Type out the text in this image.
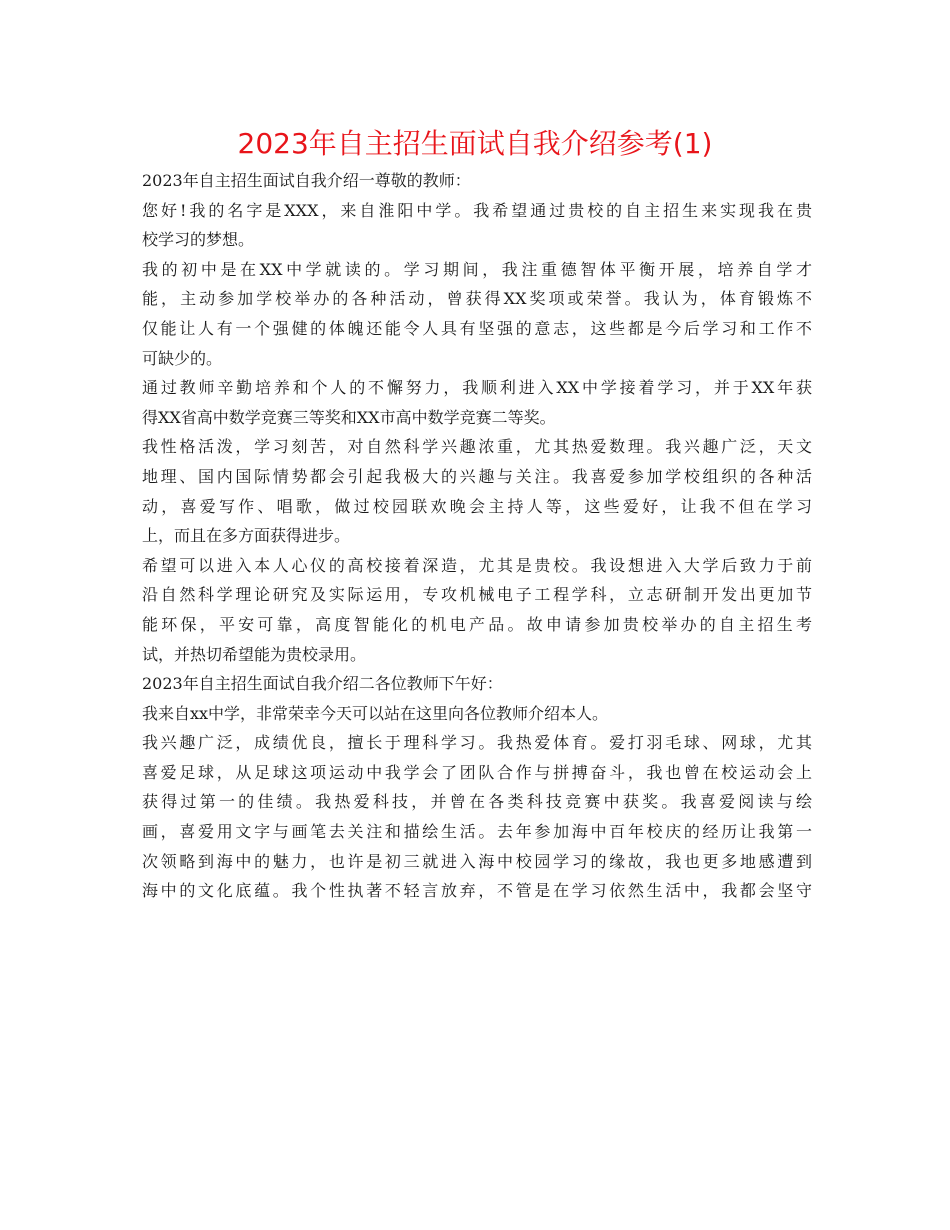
2023年自主招生面试自我介绍参考(1)
2023年自主招生面试自我介绍一尊敬的教师：
您好!我的名字是XXX，来自淮阳中学。我希望通过贵校的自主招生来实现我在贵
校学习的梦想。
我的初中是在XX中学就读的。学习期间，我注重德智体平衡开展，培养自学才
能，主动参加学校举办的各种活动，曾获得XX奖项或荣誉。我认为，体育锻炼不
仅能让人有一个强健的体魄还能令人具有坚强的意志，这些都是今后学习和工作不
可缺少的。
通过教师辛勤培养和个人的不懈努力，我顺利进入XX中学接着学习，并于XX年获
得XX省高中数学竞赛三等奖和XX市高中数学竞赛二等奖。
我性格活泼，学习刻苦，对自然科学兴趣浓重，尤其热爱数理。我兴趣广泛，天文
地理、国内国际情势都会引起我极大的兴趣与关注。我喜爱参加学校组织的各种活
动，喜爱写作、唱歌，做过校园联欢晚会主持人等，这些爱好，让我不但在学习
上，而且在多方面获得进步。
希望可以进入本人心仪的高校接着深造，尤其是贵校。我设想进入大学后致力于前
沿自然科学理论研究及实际运用，专攻机械电子工程学科，立志研制开发出更加节
能环保，平安可靠，高度智能化的机电产品。故申请参加贵校举办的自主招生考
试，并热切希望能为贵校录用。
2023年自主招生面试自我介绍二各位教师下午好：
我来自xx中学，非常荣幸今天可以站在这里向各位教师介绍本人。
我兴趣广泛，成绩优良，擅长于理科学习。我热爱体育。爱打羽毛球、网球，尤其
喜爱足球，从足球这项运动中我学会了团队合作与拼搏奋斗，我也曾在校运动会上
获得过第一的佳绩。我热爱科技，并曾在各类科技竞赛中获奖。我喜爱阅读与绘
画，喜爱用文字与画笔去关注和描绘生活。去年参加海中百年校庆的经历让我第一
次领略到海中的魅力，也许是初三就进入海中校园学习的缘故，我也更多地感遭到
海中的文化底蕴。我个性执著不轻言放弃，不管是在学习依然生活中，我都会坚守
